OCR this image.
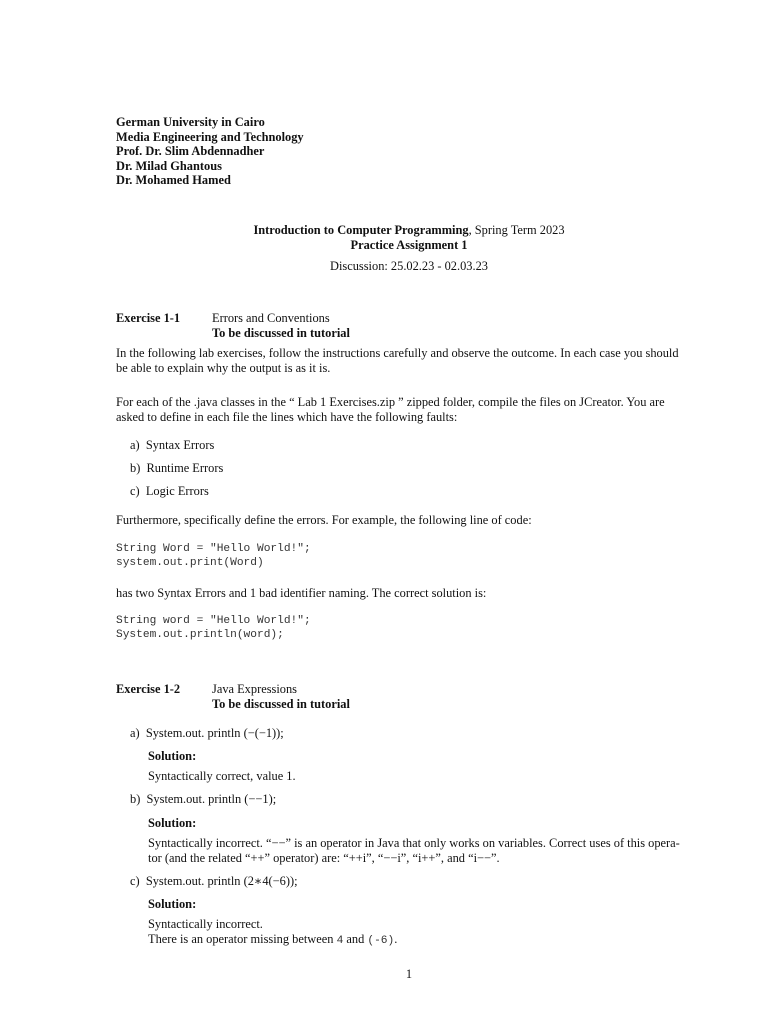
German University in Cairo
Media Engineering and Technology
Prof. Dr. Slim Abdennadher
Dr. Milad Ghantous
Dr. Mohamed Hamed
Introduction to Computer Programming, Spring Term 2023
Practice Assignment 1
Discussion: 25.02.23 - 02.03.23
Exercise 1-1	Errors and Conventions
To be discussed in tutorial
In the following lab exercises, follow the instructions carefully and observe the outcome. In each case you should
be able to explain why the output is as it is.
For each of the .java classes in the “ Lab 1 Exercises.zip ” zipped folder, compile the files on JCreator. You are
asked to define in each file the lines which have the following faults:
a) Syntax Errors
b) Runtime Errors
c) Logic Errors
Furthermore, specifically define the errors. For example, the following line of code:
String Word = "Hello World!";
system.out.print(Word)
has two Syntax Errors and 1 bad identifier naming. The correct solution is:
String word = "Hello World!";
System.out.println(word);
Exercise 1-2	Java Expressions
To be discussed in tutorial
a) System.out. println (−(−1));
Solution:
Syntactically correct, value 1.
b) System.out. println (−−1);
Solution:
Syntactically incorrect. “−−” is an operator in Java that only works on variables. Correct uses of this opera-
tor (and the related “++” operator) are: “++i”, “−−i”, “i++”, and “i−−”.
c) System.out. println (2∗4(−6));
Solution:
Syntactically incorrect.
There is an operator missing between 4 and (-6).
1
